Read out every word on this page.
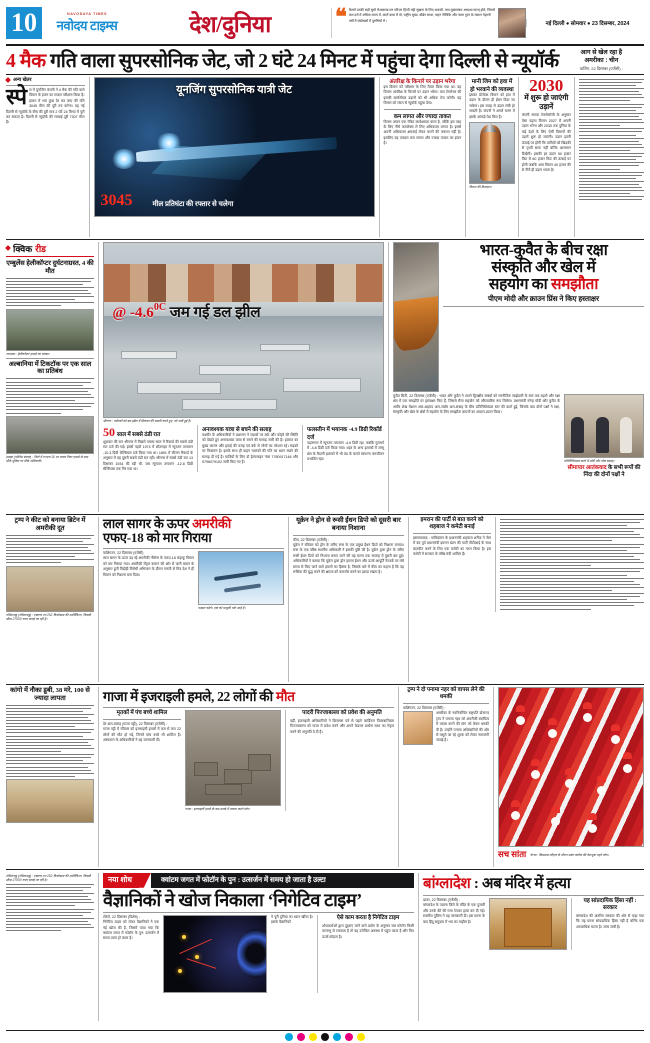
10	NAVODAYA TIMES
नवोदय टाइम्स	देश/दुनिया	❝ कैमरों उनकी सही सुधी मेंअकराब मन वरिज्म हिंन्दी मही सुखना के लिए अकारी, तमा मुख्यमंत्रय अध्यक्षा मारम् होते, जिसमें कम दरों में अधिक समय में, कारों काल में वो, राष्ट्रीय सुखा, बीडेन साथा, सहन नीतिकि और नवस पुरन के मकान पेहरनी वर्षों में संबोधकों में पुरुषिचों में ।
नई दिल्ली ● सोमवार ● 23 दिसम्बर, 2024
4 मैक गति वाला सुपरसोनिक जेट, जो 2 घंटे 24 मिनट में पहुंचा देगा दिल्ली से न्यूयॉर्क	आग से खेल रहा है
अमरीका : चीन
वाशिंग, 22 दिसम्बर (एजेंसी) :
अन्य खेतर
स्पे स में युनजिंग कंपनी ने 4 मैक की गति वाले विमान के इंजन का सफल परीक्षण किया है। हालत में भरा कुछ देर कर जाए की गति 3045 मील की दूरी तय करेगा। यह नई दिल्ली से न्यूयॉर्क के बीच की दूरी मात्र 2 घंटे 24 मिनट में पूरी कर सकता है। दिल्ली से न्यूयॉर्क की लम्बाई दूरी 7307 मील है।
यूनजिंग सुपरसोनिक यात्री जेट
3045	मील प्रतिघंटा की रफ्तार से चलेगा
अंतरिक्ष के किनारे पर उड़ान भरेगा
इस विमान को परीक्षण के लिए तैयार किया गया था। यह विमान अंतरिक्ष के किनारे पर उड़ान भरेगा। कम टेम्परेचर की इसकी कमर्शियल उड़ानों को भी अधिक तेज करेगी। यह विमान को लंदन से न्यूयॉर्क पहुंचा देगा।
कम लागत और ज्यादा ताकत
विमान अंजन एक रॉकेट कार्यक्षमता वाला है, जोकि इस तरह के लिए नीचे कम्प्लेक्स ले लिए अधिकतम लागत है। इससे अपनी अधिकतम क्षमताई लेकर चलने की जरूरत नहीं है। इसलिए यह एकदम कम लागत और ज्यादा ताकत का इंजन है।
मानी जिम को हवा में हो भरवाने की व्यवस्था
इसका प्रोजेक्ट विमान को हवा में उड़ान के दौरान ही ईंधन दिया जा सकेगा। इस वजह से उड़ान लंबी हो सकती है। कंपनी ने अगले चरण में इसके आंकड़े पेश किए हैं।
विमान की डिजाइन।
2030
में शुरू हो जाएंगी उड़ानें
कंपनी नामक टेक्नोलॉजी के अनुसार ऐसा पहला विमान 2027 में अपनी उड़ान भरेगा और 2030 तक दुनिया के कई देशों के लिए ऐसी विमानों की उड़ानें शुरू हो जाएंगी। उड़ान इतनी ऊंचाई पर होगी कि यात्रियों को खिड़की से पृथ्वी साफ नहीं बल्कि आसमान दिखेगी। इसकी हर उड़ान 50 हजार फिट से 60 हजार फिट की ऊंचाई पर होगी जबकि आम विमान 40 हजार की से नीचे ही उड़ान भरता है।
क्विक रीड
एम्बुलेंस हेलीकॉप्टर दुर्घटनाग्रस्त, 4 की मौत
नयामक : हेलीकॉप्टर हादसे का मलबा।
अल्बानिया में टिकटॉक पर एक साल का प्रतिबंध
हावड़ा (पश्चिम बंगाल) : जिले में एनएच 16 पर पलटा टैंकर हादसे के बाद मौके पुलिस पर मौके अधिकारी।
@ $-4.6^{0C}$ जम गई डल झील
श्रीनगर : पर्यटकों को डल झील में शिकारा की सवारी करते हुए, जो जमी हुई है।
50 साल में सबसे ठंडी रात
शुक्रवार की रात श्रीनगर में पिछले पचास साल में रिकार्ड की सबसे ठंडी रात दर्ज की गई। इससे पहले 1974 में शीतलहर में न्यूनतम तापमान -10.3 डिग्री सेल्सियस दर्ज किया गया था। 1891 में सीजन रिकार्ड के अनुसार में यह दूसरी सबसे ठंडी रात रही। श्रीनगर में सबसे ठंडी रात 13 दिसम्बर 1934 की रही थी, जब न्यूनतम तापमान -12.8 डिग्री सेल्सियस तक गिर गया था।
अनावश्यक यात्रा से बचने की सलाह
कश्मीर के अधिकारियों ने प्रशासन ने सड़कों पर बर्फ और कोहरे की स्थिति को देखते हुए अनावश्यक यात्रा से बचने की सलाह जारी की है। हालात का मुख्य कारण और हवाई की वजह एवं बर्फ से लोगों का परेशान रहे। सड़कों पर फिसलन है। इसके साथ ही वाहन चालकों की गति का ध्यान रखने की सलाह दी गई है। यात्रियों के लिए दो हेल्पलाइन नंबर 7780917148 और 9796079102 जारी किए गए हैं।
फलस्तीन में भयानक -4.9 डिग्री रिकॉर्ड दर्ज
पहलगाम में न्यूनतम तापमान -4.9 डिग्री रहा, जबकि गुलमर्ग में -4.8 डिग्री दर्ज किया गया। शहर के अन्य इलाकों में जम्मू क्षेत्र के मैदानी इलाकों में भी ठंड के चलते सामान्य जनजीवन प्रभावित रहा।
भारत-कुवैत के बीच रक्षा
संस्कृति और खेल में
सहयोग का समझौता
पीएम मोदी और क्राउन प्रिंस ने किए हस्ताक्षर
कुवैत सिटी, 22 दिसम्बर (एजेंसी) : भारत और कुवैत ने अपने द्विपक्षीय संबंधों को रणनीतिक साझेदारी के स्तर तक बढ़ाने और रक्षा क्षेत्र में एक समझौते पर हस्ताक्षर किए हैं, जिससे सैन्य सहयोग को औपचारिक रूप मिलेगा। प्रधानमंत्री नरेन्द्र मोदी और कुवैत के अमीर शेख मेशाल अल-अहमद अल-जाबेर अल-सबाह के बीच प्रतिनिधिमंडल स्तर की वार्ता हुई, जिसके बाद दोनों पक्षों ने रक्षा, संस्कृति और खेल के क्षेत्रों में सहयोग के लिए समझौता ज्ञापनों का आदान-प्रदान किया।
प्रतिनिधिमंडल वार्ता में मोदी और शेख सबाह।
सीमापार आतंकवाद के सभी रूपों की निंदा की दोनों पक्षों ने
ट्रम्प ने कीट को बनाया ब्रिटेन में अमरीकी दूत
तमिलनाडु (तमिलनाडु) : एन्नाटार एन 252 किलोग्राम की आर्थिकिन्त, विवादी सीमा 27000 रुपए बताई जा रही है।
लाल सागर के ऊपर अमरीकी
एफए-18 को मार गिराया
वाशिंगटन, 22 दिसम्बर (एजेंसी)
लाल सागर के ऊपर उड़ रहे अमरीकी नौसेना के एफए-18 लड़ाकू विमान को मार गिराया गया। अमरीकी सेंट्रल कमान की ओर से जारी बयान के अनुसार हूती विद्रोही विरोधी अभियान के दौरान गलती से मित्र देश ने ही विमान को निशाना बना दिया।
फाइल फोटो। एक को मामूली चोट आई है।
यूक्रेन ने ड्रोन से रूसी ईंधन डिपो को दूसरी बार बनाया निशाना
कीव, 22 दिसम्बर (एजेंसी) :
यूक्रेन ने रविवार को ड्रोन के जरिए रूस के एक प्रमुख ईंधन डिपो को निशाना बनाया। रूस के एक वरिष्ठ स्थानीय अधिकारी ने इसकी पुष्टि की है। यूक्रेन द्वारा ड्रोन के जरिए रूसी ईंधन डिपो को निशाना बनाए जाने की यह घटना एक सप्ताह में दूसरी बार हुई। अधिकारियों ने बताया कि यूक्रेन द्वारा ड्रोन हमला ईंधन और ऊर्जा आपूर्ति नेटवर्क पर लंबे समय से किए जाने वाले हमलों का हिस्सा है, जिसके बारे में कीव का कहना है कि वह रूसिया की युद्ध करने की क्षमता को कमजोर करने का इरादा रखता है।
इमरान की पार्टी से बात करने को शहबाज ने कमेटी बनाई
इस्लामाबाद : पाकिस्तान के प्रधानमंत्री शहबाज शरीफ ने जेल में बंद पूर्व प्रधानमंत्री इमरान खान की पार्टी पीटीआई के साथ बातचीत करने के लिए एक कमेटी का गठन किया है। इस कमेटी में सरकार के वरिष्ठ मंत्री शामिल हैं।
कांगो में नौका डूबी, 38 मरे, 100 से ज्यादा लापता	गाजा में इजराइली हमले, 22 लोगों की मौत
मृतकों में पंच बच्चे शामिल
डेर अल-बलाह (गाजा पट्टी), 22 दिसम्बर (एजेंसी) :
गाजा पट्टी में रविवार को इजराइली हमलों में कम से कम 22 लोगों की मौत हो गई, जिनमें पांच बच्चे भी शामिल हैं। अस्पताल के अधिकारियों ने यह जानकारी दी।
गाजा : इजराइली हमले के बाद मलबे में तलाश करते लोग।
पादरी पिज्जाबल्ला को प्रवेश की अनुमति
वहीं, इजराइली अधिकारियों ने क्रिसमस पर्व से पहले कार्डिनल पियरबात्तिस्ता पिज्जाबल्ला को गाजा में प्रवेश करने और अपने फेडरल प्रार्थना सभा का नेतृत्व करने की अनुमति दे दी है।
ट्रम्प ने दो पनामा नहर को वापस लेने की धमकी
वाशिंगटन, 22 दिसम्बर (एजेंसी) :
अमरीका के नवनिर्वाचित राष्ट्रपति डोनाल्ड ट्रम्प ने पनामा नहर को अमरीकी स्वामित्व में वापस करने की मांग को लेकर धमकी दी है। उन्होंने पनामा अधिकारियों की ओर से वसूले जा रहे शुल्क को लेकर नाराजगी जताई है।
सच सांता केन्या : क्रिसमस त्यौहार के दौरान सांता क्लॉज की वेशभूषा पहने लोग।
तमिलनाडु (तमिलनाडु) : एन्नाटार एन 252 किलोग्राम की आर्थिकिन्त, विवादी सीमा 27000 रुपए बताई जा रही है।	नया शोध	क्वांटम जगत में फोटॉन के पुन : उत्सर्जन में समय हो जाता है उल्टा
वैज्ञानिकों ने खोज निकाला ‘निगेटिव टाइम’
टोरंटो, 22 दिसम्बर (विशेष) :
निगेटिव टाइम को लेकर वैज्ञानिकों ने एक नई खोज की है, जिसमें पाया गया कि क्वांटम जगत में फोटॉन के पुन: उत्सर्जन में समय उल्टा हो जाता है।
ने पूरी दुनिया का ध्यान खींचा है। इसके वैज्ञानिकों
ऐसे काम करता है निगेटिव टाइम
शोधकर्ताओं द्वारा दुहराए जाने वाले प्रयोग के अनुसार जब फोटॉन किसी परमाणु से टकराता है तो वह उत्तेजित अवस्था में पहुंच जाता है और फिर ऊर्जा छोड़ता है।
बांग्लादेश : अब मंदिर में हत्या
ढाका, 22 दिसम्बर (एजेंसी) :
बांग्लादेश के पाबना जिले के मंदिर के एक पुजारी और उनके बेटे की गला रेतकर हत्या कर दी गई। स्थानीय पुलिस ने यह जानकारी दी। इस घटना के बाद हिंदू समुदाय में भय का माहौल है।
यह सांप्रदायिक हिंसा नहीं : सरकार
बांग्लादेश की अंतरिम सरकार की ओर से कहा गया कि यह घटना सांप्रदायिक हिंसा नहीं है बल्कि एक आपराधिक घटना है। जांच जारी है।
